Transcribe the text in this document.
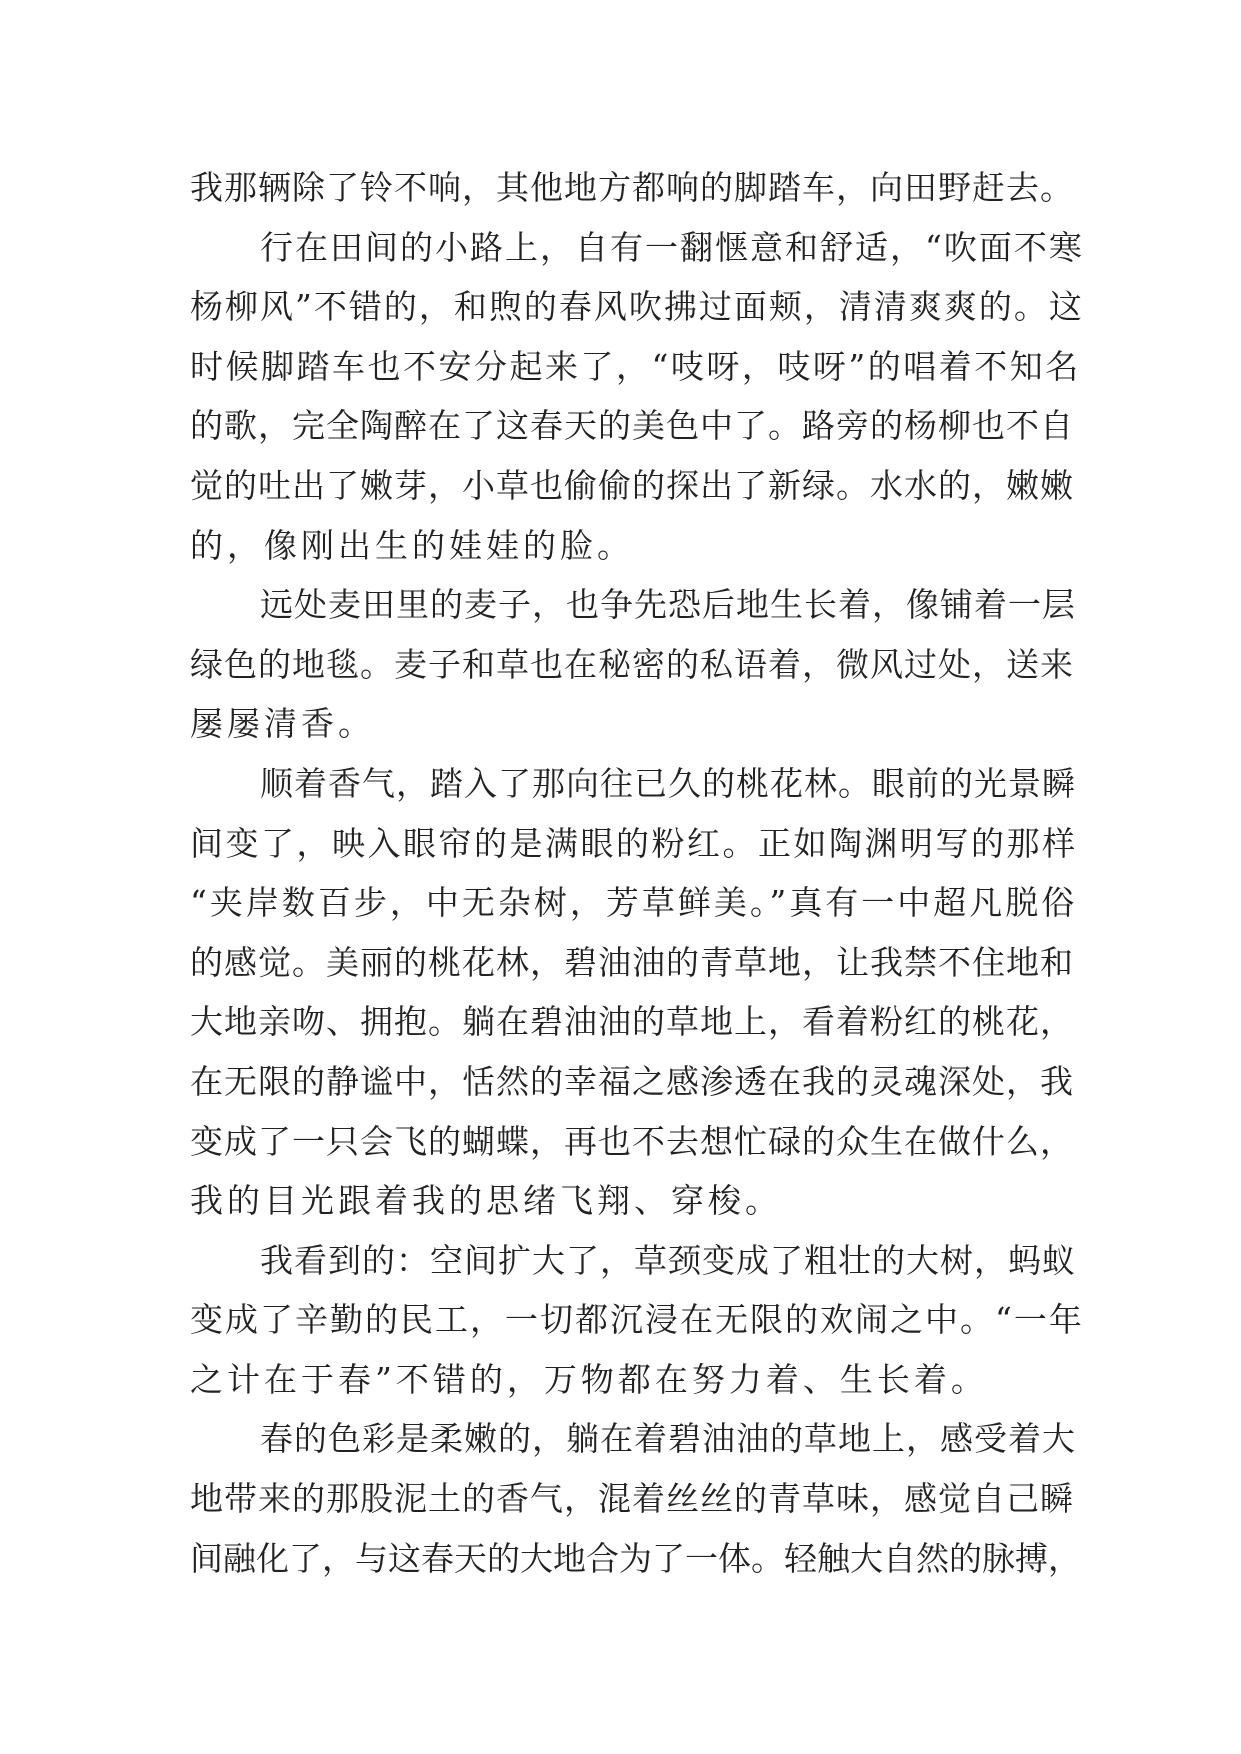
我那辆除了铃不响，其他地方都响的脚踏车，向田野赶去。
行在田间的小路上，自有一翻惬意和舒适，“吹面不寒
杨柳风”不错的，和煦的春风吹拂过面颊，清清爽爽的。这
时候脚踏车也不安分起来了，“吱呀，吱呀”的唱着不知名
的歌，完全陶醉在了这春天的美色中了。路旁的杨柳也不自
觉的吐出了嫩芽，小草也偷偷的探出了新绿。水水的，嫩嫩
的，像刚出生的娃娃的脸。
远处麦田里的麦子，也争先恐后地生长着，像铺着一层
绿色的地毯。麦子和草也在秘密的私语着，微风过处，送来
屡屡清香。
顺着香气，踏入了那向往已久的桃花林。眼前的光景瞬
间变了，映入眼帘的是满眼的粉红。正如陶渊明写的那样
“夹岸数百步，中无杂树，芳草鲜美。”真有一中超凡脱俗
的感觉。美丽的桃花林，碧油油的青草地，让我禁不住地和
大地亲吻、拥抱。躺在碧油油的草地上，看着粉红的桃花，
在无限的静谧中，恬然的幸福之感渗透在我的灵魂深处，我
变成了一只会飞的蝴蝶，再也不去想忙碌的众生在做什么，
我的目光跟着我的思绪飞翔、穿梭。
我看到的：空间扩大了，草颈变成了粗壮的大树，蚂蚁
变成了辛勤的民工，一切都沉浸在无限的欢闹之中。“一年
之计在于春”不错的，万物都在努力着、生长着。
春的色彩是柔嫩的，躺在着碧油油的草地上，感受着大
地带来的那股泥土的香气，混着丝丝的青草味，感觉自己瞬
间融化了，与这春天的大地合为了一体。轻触大自然的脉搏，
